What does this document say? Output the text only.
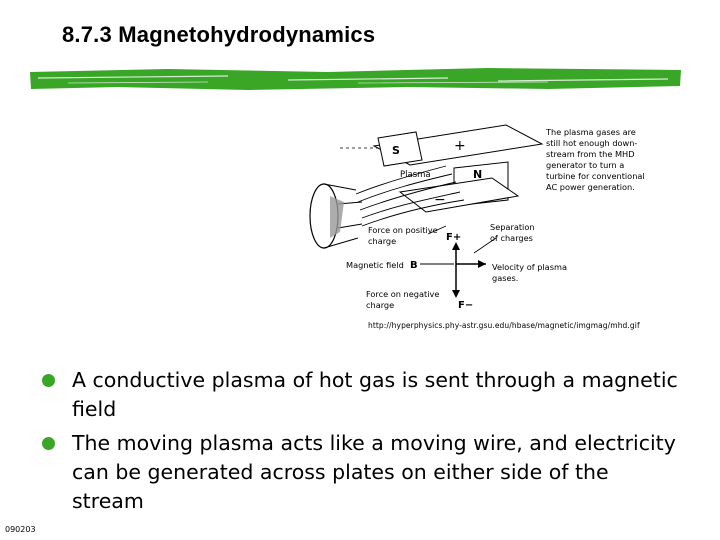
8.7.3 Magnetohydrodynamics
S	+
Plasma	N
−
The plasma gases are
still hot enough down-
stream from the MHD
generator to turn a
turbine for conventional
AC power generation.
Force on positive
charge	F+
Separation
of charges
Magnetic field B	Velocity of plasma
gases.
Force on negative
charge	F−
http://hyperphysics.phy-astr.gsu.edu/hbase/magnetic/imgmag/mhd.gif
A conductive plasma of hot gas is sent through a magnetic field
The moving plasma acts like a moving wire, and electricity can be generated across plates on either side of the stream
090203
